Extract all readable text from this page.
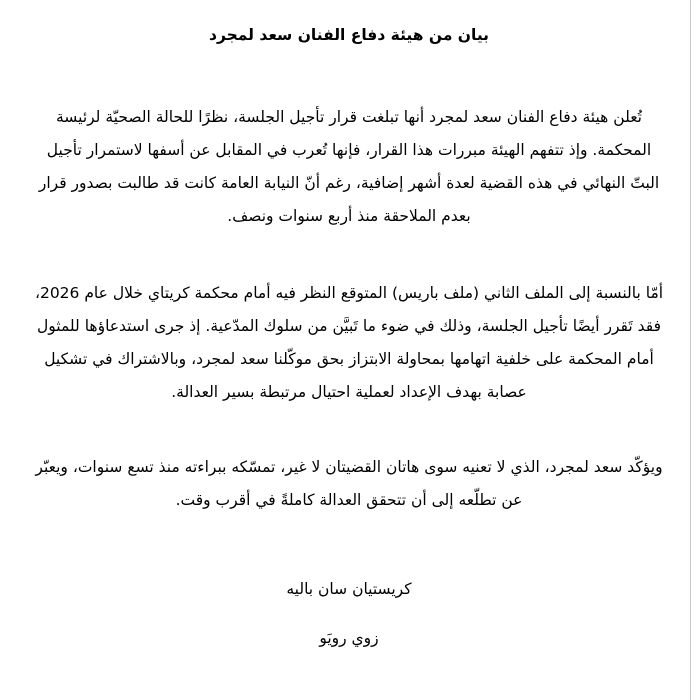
بيان من هيئة دفاع الفنان سعد لمجرد

تُعلن هيئة دفاع الفنان سعد لمجرد أنها تبلغت قرار تأجيل الجلسة، نظرًا للحالة الصحيّة لرئيسة المحكمة. وإذ تتفهم الهيئة مبررات هذا القرار، فإنها تُعرب في المقابل عن أسفها لاستمرار تأجيل البتّ النهائي في هذه القضية لعدة أشهر إضافية، رغم أنّ النيابة العامة كانت قد طالبت بصدور قرار بعدم الملاحقة منذ أربع سنوات ونصف.

أمّا بالنسبة إلى الملف الثاني (ملف باريس) المتوقع النظر فيه أمام محكمة كريتاي خلال عام 2026، فقد تَقرر أيضًا تأجيل الجلسة، وذلك في ضوء ما تَبيَّن من سلوك المدّعية. إذ جرى استدعاؤها للمثول أمام المحكمة على خلفية اتهامها بمحاولة الابتزاز بحق موكّلنا سعد لمجرد، وبالاشتراك في تشكيل عصابة بهدف الإعداد لعملية احتيال مرتبطة بسير العدالة.

ويؤكّد سعد لمجرد، الذي لا تعنيه سوى هاتان القضيتان لا غير، تمسّكه ببراءته منذ تسع سنوات، ويعبّر عن تطلّعه إلى أن تتحقق العدالة كاملةً في أقرب وقت.

كريستيان سان باليه

زوي رويَو
